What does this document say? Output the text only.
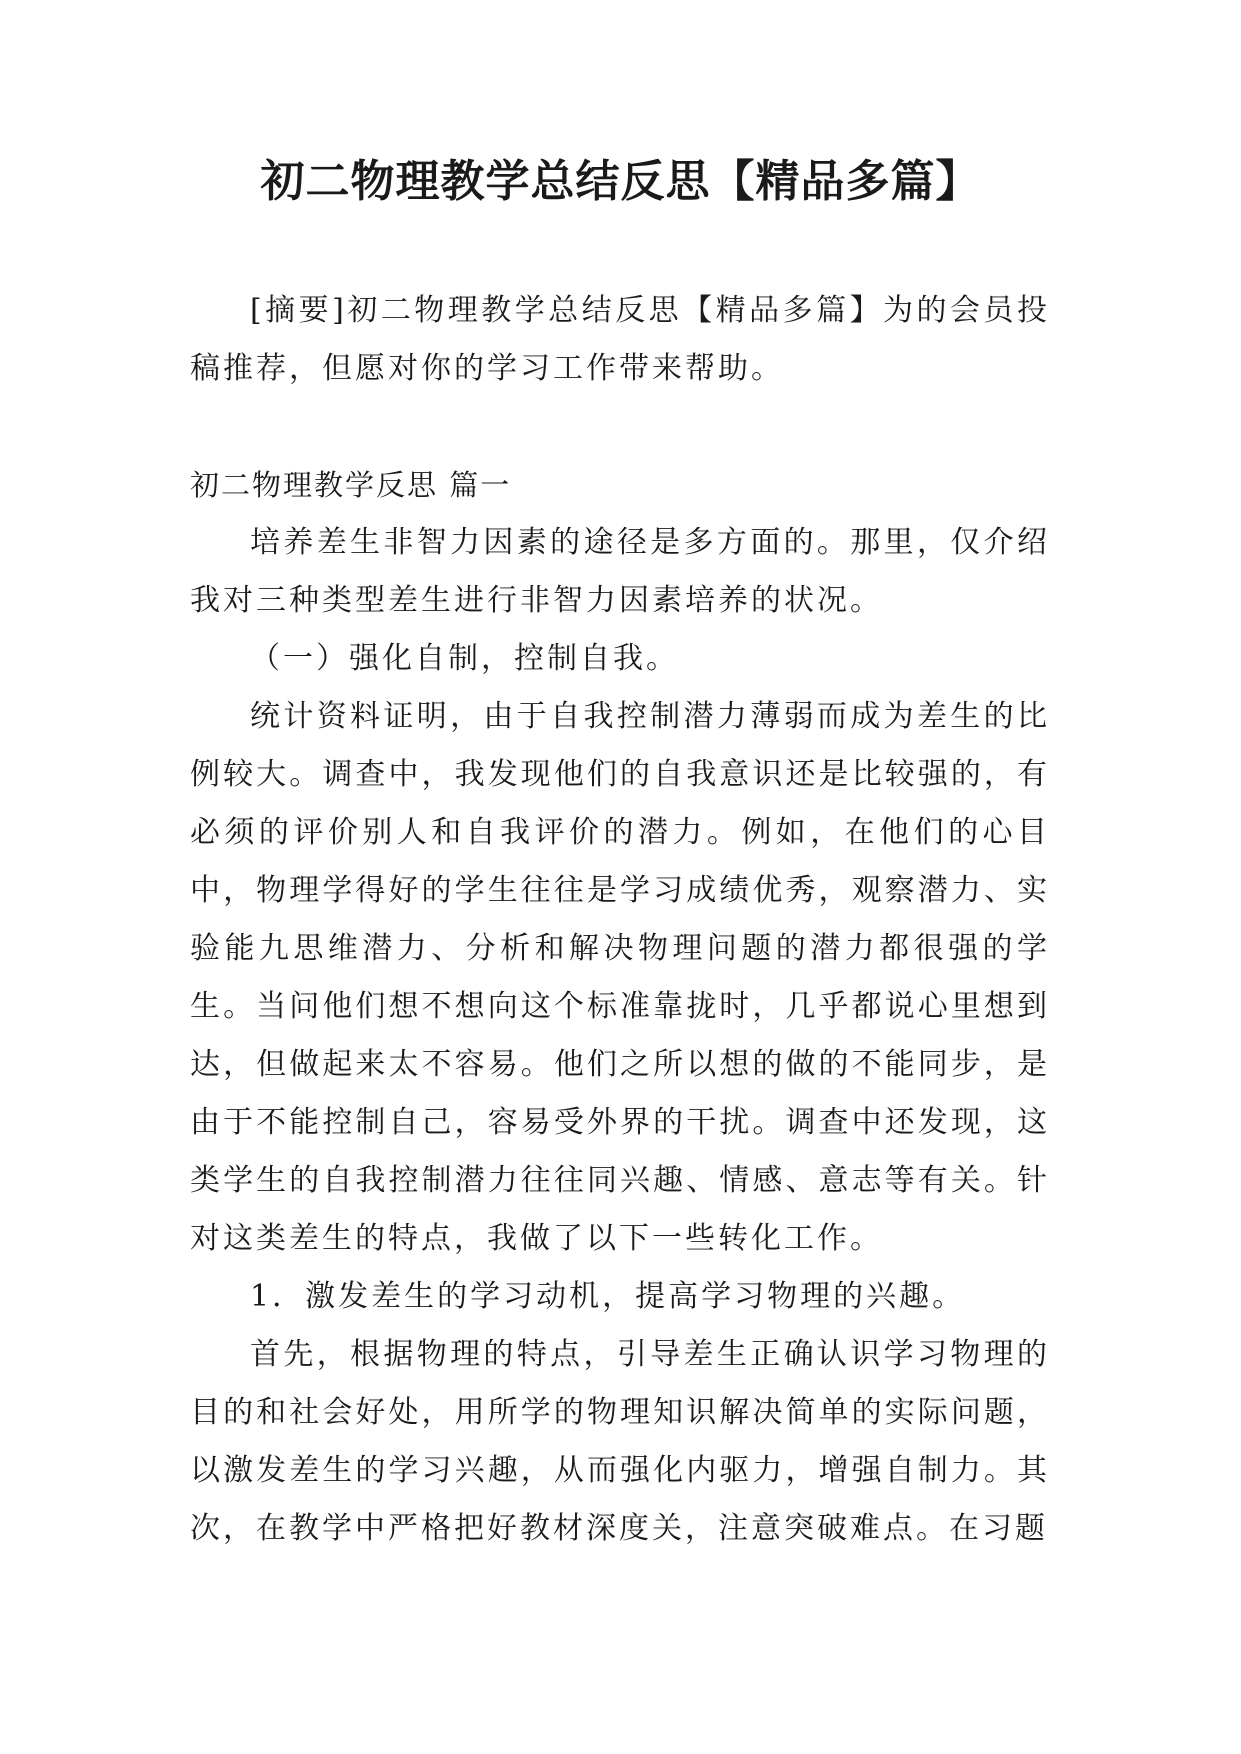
初二物理教学总结反思【精品多篇】

[摘要]初二物理教学总结反思【精品多篇】为的会员投稿推荐，但愿对你的学习工作带来帮助。

初二物理教学反思 篇一

培养差生非智力因素的途径是多方面的。那里，仅介绍我对三种类型差生进行非智力因素培养的状况。

（一）强化自制，控制自我。

统计资料证明，由于自我控制潜力薄弱而成为差生的比例较大。调查中，我发现他们的自我意识还是比较强的，有必须的评价别人和自我评价的潜力。例如，在他们的心目中，物理学得好的学生往往是学习成绩优秀，观察潜力、实验能九思维潜力、分析和解决物理问题的潜力都很强的学生。当问他们想不想向这个标准靠拢时，几乎都说心里想到达，但做起来太不容易。他们之所以想的做的不能同步，是由于不能控制自己，容易受外界的干扰。调查中还发现，这类学生的自我控制潜力往往同兴趣、情感、意志等有关。针对这类差生的特点，我做了以下一些转化工作。

1．激发差生的学习动机，提高学习物理的兴趣。

首先，根据物理的特点，引导差生正确认识学习物理的目的和社会好处，用所学的物理知识解决简单的实际问题，以激发差生的学习兴趣，从而强化内驱力，增强自制力。其次，在教学中严格把好教材深度关，注意突破难点。在习题
